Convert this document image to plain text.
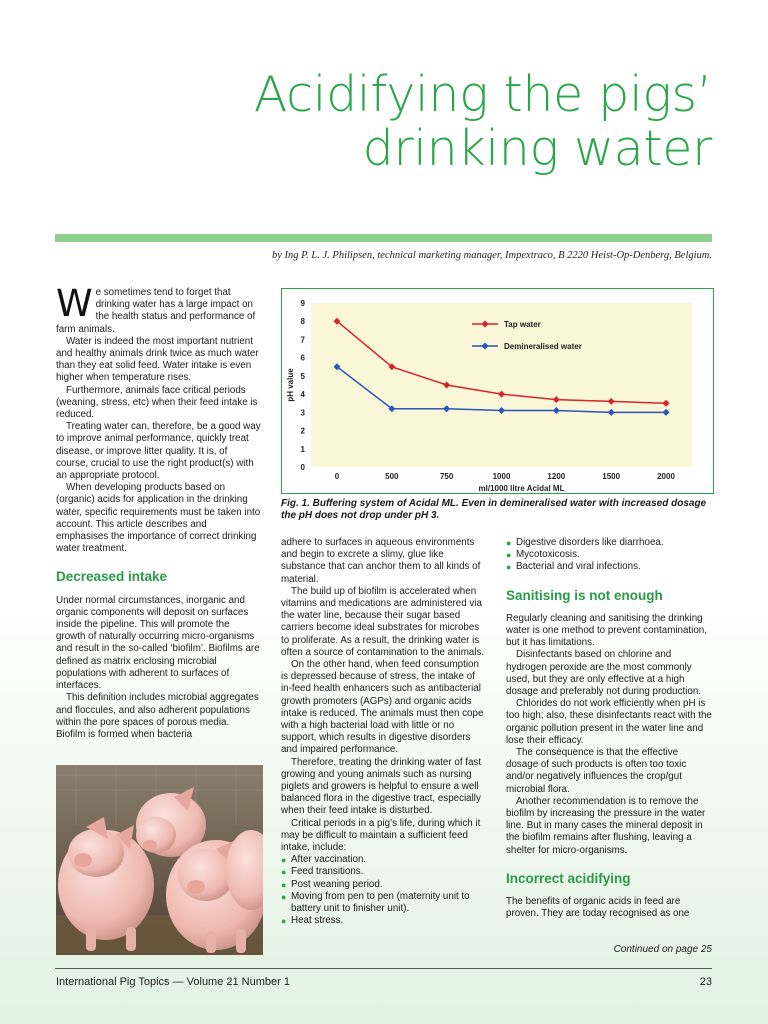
Acidifying the pigs’
drinking water
by Ing P. L. J. Philipsen, technical marketing manager, Impextraco, B 2220 Heist-Op-Denberg, Belgium.

We sometimes tend to forget that drinking water has a large impact on the health status and performance of farm animals.

Water is indeed the most important nutrient and healthy animals drink twice as much water than they eat solid feed. Water intake is even higher when temperature rises.

Furthermore, animals face critical periods (weaning, stress, etc) when their feed intake is reduced.

Treating water can, therefore, be a good way to improve animal performance, quickly treat disease, or improve litter quality. It is, of course, crucial to use the right product(s) with an appropriate protocol.

When developing products based on (organic) acids for application in the drinking water, specific requirements must be taken into account. This article describes and emphasises the importance of correct drinking water treatment.

Decreased intake

Under normal circumstances, inorganic and organic components will deposit on surfaces inside the pipeline. This will promote the growth of naturally occurring micro-organisms and result in the so-called ‘biofilm’. Biofilms are defined as matrix enclosing microbial populations with adherent to surfaces of interfaces.

This definition includes microbial aggregates and floccules, and also adherent populations within the pore spaces of porous media. Biofilm is formed when bacteria

0
1
2
3
4
5
6
7
8
9
0	500	750	1000	1200	1500	2000
ml/1000 litre Acidal ML
pH value
Tap water
Demineralised water
Fig. 1. Buffering system of Acidal ML. Even in demineralised water with increased dosage the pH does not drop under pH 3.

adhere to surfaces in aqueous environments and begin to excrete a slimy, glue like substance that can anchor them to all kinds of material.

The build up of biofilm is accelerated when vitamins and medications are administered via the water line, because their sugar based carriers become ideal substrates for microbes to proliferate. As a result, the drinking water is often a source of contamination to the animals.

On the other hand, when feed consumption is depressed because of stress, the intake of in-feed health enhancers such as antibacterial growth promoters (AGPs) and organic acids intake is reduced. The animals must then cope with a high bacterial load with little or no support, which results in digestive disorders and impaired performance.

Therefore, treating the drinking water of fast growing and young animals such as nursing piglets and growers is helpful to ensure a well balanced flora in the digestive tract, especially when their feed intake is disturbed.

Critical periods in a pig’s life, during which it may be difficult to maintain a sufficient feed intake, include:

● After vaccination.
● Feed transitions.
● Post weaning period.
● Moving from pen to pen (maternity unit to battery unit to finisher unit).
● Heat stress.
● Digestive disorders like diarrhoea.
● Mycotoxicosis.
● Bacterial and viral infections.
Sanitising is not enough

Regularly cleaning and sanitising the drinking water is one method to prevent contamination, but it has limitations.

Disinfectants based on chlorine and hydrogen peroxide are the most commonly used, but they are only effective at a high dosage and preferably not during production.

Chlorides do not work efficiently when pH is too high; also, these disinfectants react with the organic pollution present in the water line and lose their efficacy.

The consequence is that the effective dosage of such products is often too toxic and/or negatively influences the crop/gut microbial flora.

Another recommendation is to remove the biofilm by increasing the pressure in the water line. But in many cases the mineral deposit in the biofilm remains after flushing, leaving a shelter for micro-organisms.

Incorrect acidifying

The benefits of organic acids in feed are proven. They are today recognised as one

Continued on page 25
International Pig Topics — Volume 21 Number 1	23
